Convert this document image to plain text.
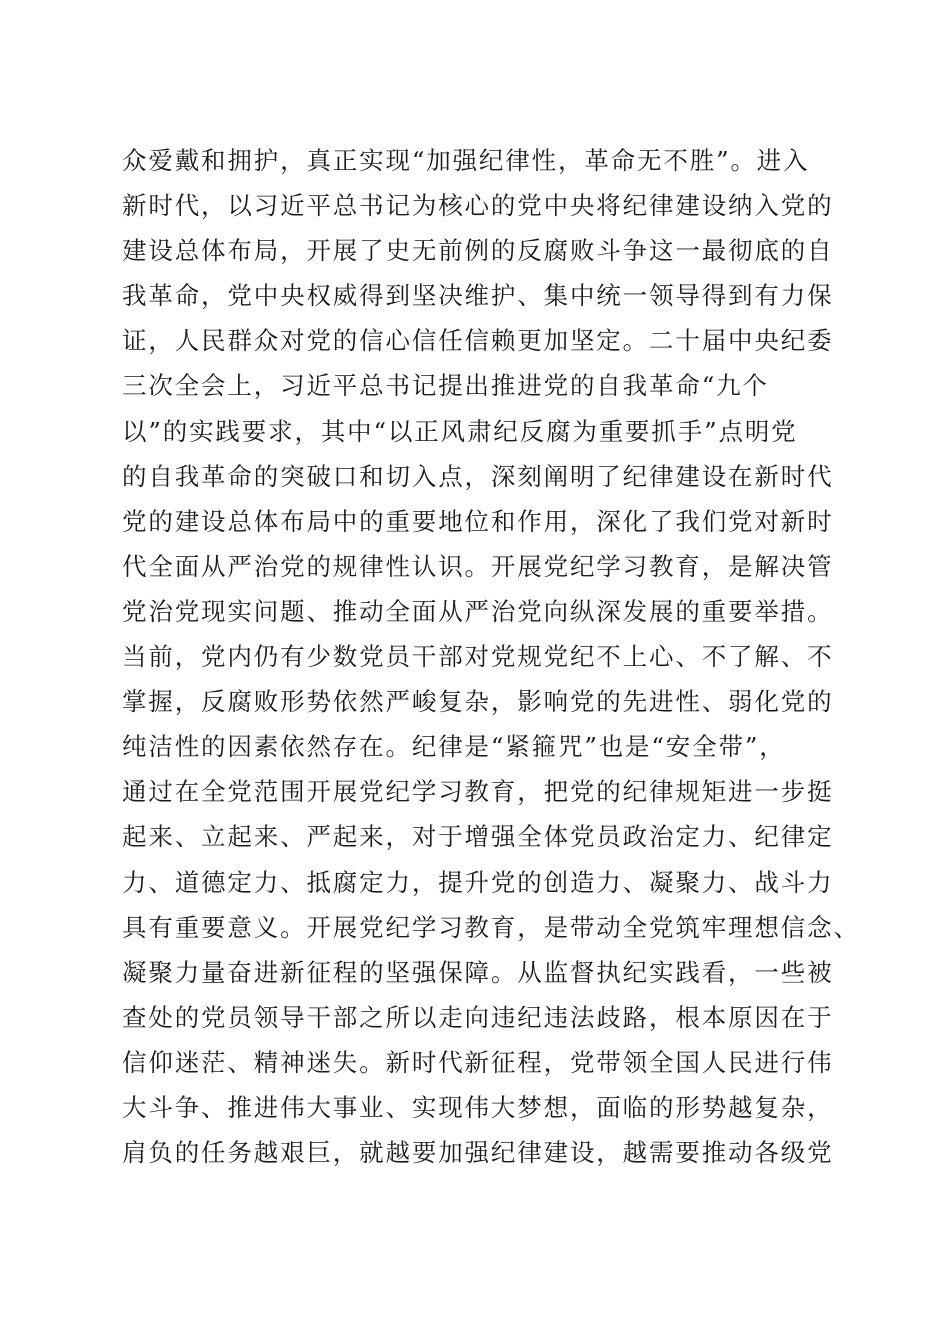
众爱戴和拥护，真正实现“加强纪律性，革命无不胜”。进入
新时代，以习近平总书记为核心的党中央将纪律建设纳入党的
建设总体布局，开展了史无前例的反腐败斗争这一最彻底的自
我革命，党中央权威得到坚决维护、集中统一领导得到有力保
证，人民群众对党的信心信任信赖更加坚定。二十届中央纪委
三次全会上，习近平总书记提出推进党的自我革命“九个
以”的实践要求，其中“以正风肃纪反腐为重要抓手”点明党
的自我革命的突破口和切入点，深刻阐明了纪律建设在新时代
党的建设总体布局中的重要地位和作用，深化了我们党对新时
代全面从严治党的规律性认识。开展党纪学习教育，是解决管
党治党现实问题、推动全面从严治党向纵深发展的重要举措。
当前，党内仍有少数党员干部对党规党纪不上心、不了解、不
掌握，反腐败形势依然严峻复杂，影响党的先进性、弱化党的
纯洁性的因素依然存在。纪律是“紧箍咒”也是“安全带”，
通过在全党范围开展党纪学习教育，把党的纪律规矩进一步挺
起来、立起来、严起来，对于增强全体党员政治定力、纪律定
力、道德定力、抵腐定力，提升党的创造力、凝聚力、战斗力
具有重要意义。开展党纪学习教育，是带动全党筑牢理想信念、
凝聚力量奋进新征程的坚强保障。从监督执纪实践看，一些被
查处的党员领导干部之所以走向违纪违法歧路，根本原因在于
信仰迷茫、精神迷失。新时代新征程，党带领全国人民进行伟
大斗争、推进伟大事业、实现伟大梦想，面临的形势越复杂，
肩负的任务越艰巨，就越要加强纪律建设，越需要推动各级党
